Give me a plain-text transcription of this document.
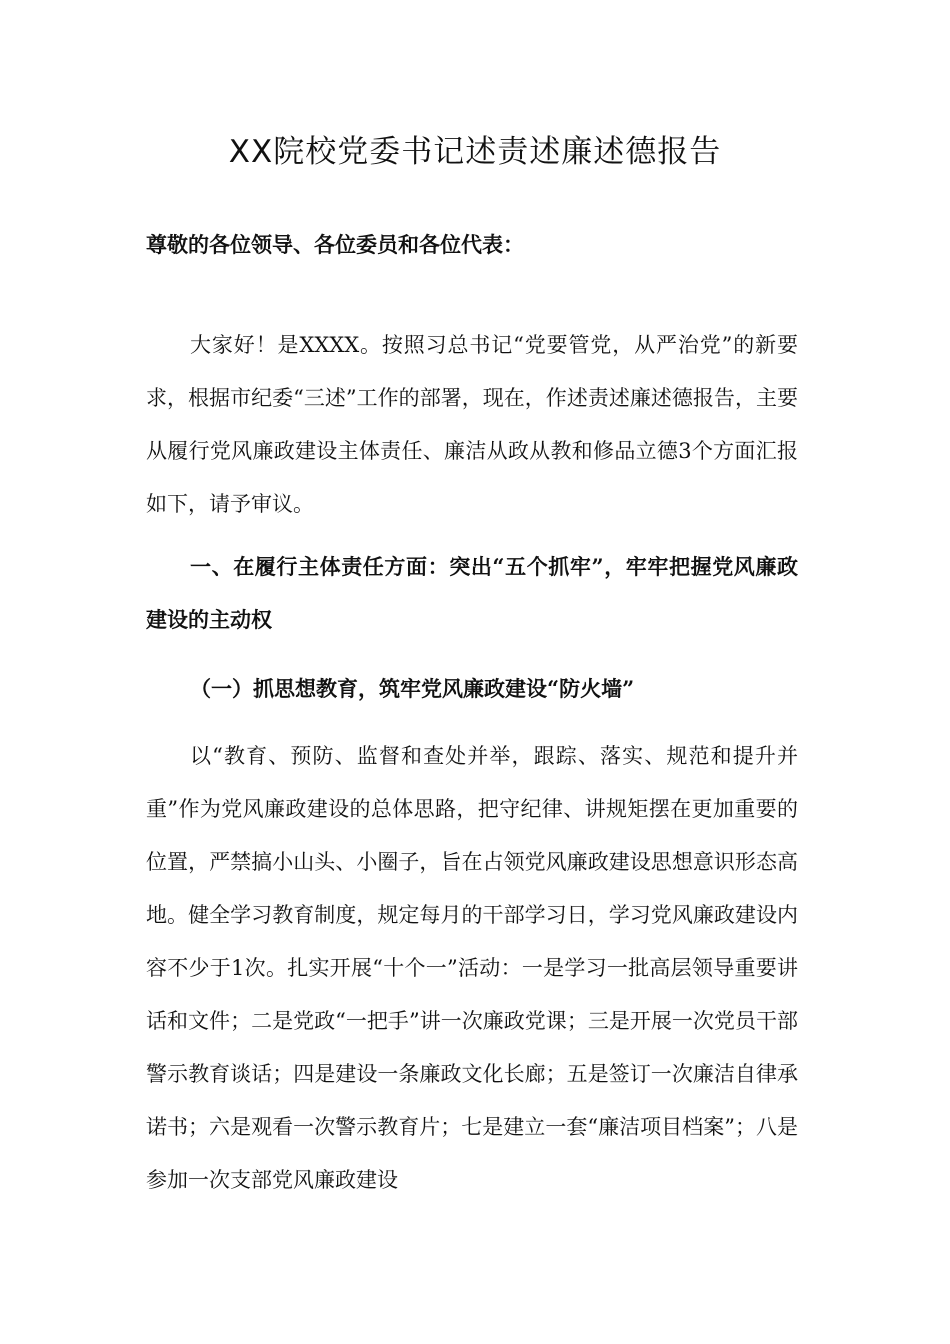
XX院校党委书记述责述廉述德报告
尊敬的各位领导、各位委员和各位代表：
大家好！是XXXX。按照习总书记“党要管党，从严治党”的新要求，根据市纪委“三述”工作的部署，现在，作述责述廉述德报告，主要从履行党风廉政建设主体责任、廉洁从政从教和修品立德3个方面汇报如下，请予审议。
一、在履行主体责任方面：突出“五个抓牢”，牢牢把握党风廉政建设的主动权
（一）抓思想教育，筑牢党风廉政建设“防火墙”
以“教育、预防、监督和查处并举，跟踪、落实、规范和提升并重”作为党风廉政建设的总体思路，把守纪律、讲规矩摆在更加重要的位置，严禁搞小山头、小圈子，旨在占领党风廉政建设思想意识形态高地。健全学习教育制度，规定每月的干部学习日，学习党风廉政建设内容不少于1次。扎实开展“十个一”活动：一是学习一批高层领导重要讲话和文件；二是党政“一把手”讲一次廉政党课；三是开展一次党员干部警示教育谈话；四是建设一条廉政文化长廊；五是签订一次廉洁自律承诺书；六是观看一次警示教育片；七是建立一套“廉洁项目档案”；八是参加一次支部党风廉政建设
